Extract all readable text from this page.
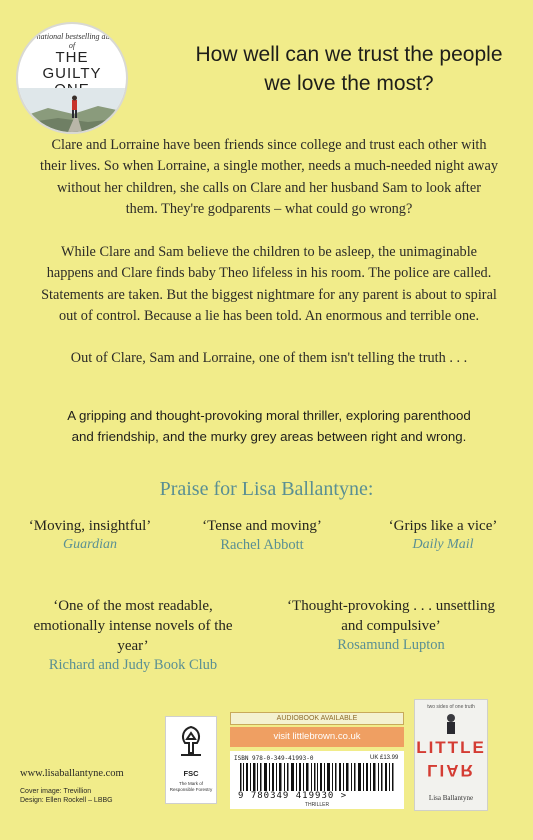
International bestselling author of
THE
GUILTY

How well can we trust the people we love the most?
Clare and Lorraine have been friends since college and trust each other with their lives. So when Lorraine, a single mother, needs a much-needed night away without her children, she calls on Clare and her husband Sam to look after them. They're godparents – what could go wrong?
While Clare and Sam believe the children to be asleep, the unimaginable happens and Clare finds baby Theo lifeless in his room. The police are called. Statements are taken. But the biggest nightmare for any parent is about to spiral out of control. Because a lie has been told. An enormous and terrible one.
Out of Clare, Sam and Lorraine, one of them isn't telling the truth . . .
A gripping and thought-provoking moral thriller, exploring parenthood and friendship, and the murky grey areas between right and wrong.
Praise for Lisa Ballantyne:
‘Moving, insightful’
Guardian
‘Tense and moving’
Rachel Abbott
‘Grips like a vice’
Daily Mail
‘One of the most readable, emotionally intense novels of the year’
Richard and Judy Book Club
‘Thought-provoking . . . unsettling and compulsive’
Rosamund Lupton
www.lisaballantyne.com
Cover image: Trevillion
Design: Ellen Rockell – LBBG
FSC
The Mark of Responsible Forestry
AUDIOBOOK AVAILABLE
visit littlebrown.co.uk
ISBN 978-0-349-41993-0	UK £13.99
9 780349 419930 >
THRILLER
two sides of one truth
LITTLE
LIAR
Lisa Ballantyne
